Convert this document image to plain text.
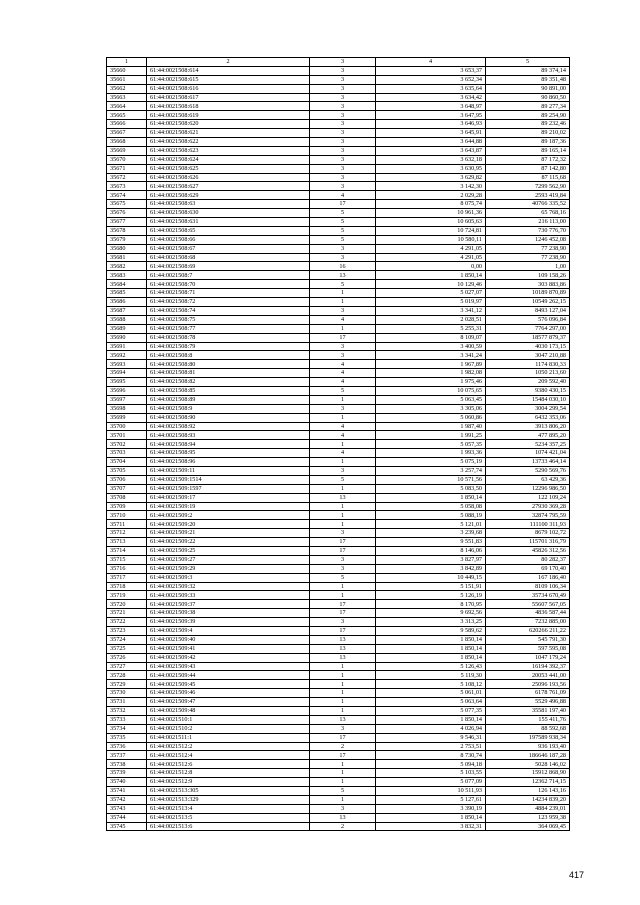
1	2	3	4	5
35660	61:44:0021508:614	3	3 653,37	89 374,14
35661	61:44:0021508:615	3	3 652,34	89 351,48
35662	61:44:0021508:616	3	3 635,64	90 891,00
35663	61:44:0021508:617	3	3 634,42	90 860,50
35664	61:44:0021508:618	3	3 648,97	89 277,34
35665	61:44:0021508:619	3	3 647,95	89 254,90
35666	61:44:0021508:620	3	3 646,93	89 232,46
35667	61:44:0021508:621	3	3 645,91	89 210,02
35668	61:44:0021508:622	3	3 644,88	89 187,36
35669	61:44:0021508:623	3	3 643,87	89 165,14
35670	61:44:0021508:624	3	3 632,18	87 172,32
35671	61:44:0021508:625	3	3 630,95	87 142,80
35672	61:44:0021508:626	3	3 629,82	87 115,68
35673	61:44:0021508:627	3	3 142,30	7299 562,90
35674	61:44:0021508:629	4	2 029,28	2593 419,84
35675	61:44:0021508:63	17	8 075,74	40766 335,52
35676	61:44:0021508:630	5	10 961,36	65 768,16
35677	61:44:0021508:631	5	10 605,63	216 113,00
35678	61:44:0021508:65	5	10 724,81	730 776,70
35679	61:44:0021508:66	5	10 580,11	1246 452,08
35680	61:44:0021508:67	3	4 291,05	77 238,90
35681	61:44:0021508:68	3	4 291,05	77 238,90
35682	61:44:0021508:69	16	0,00	1,00
35683	61:44:0021508:7	13	1 850,14	109 158,26
35684	61:44:0021508:70	5	10 129,46	303 883,86
35685	61:44:0021508:71	1	5 027,07	10189 870,89
35686	61:44:0021508:72	1	5 019,97	10549 262,15
35687	61:44:0021508:74	3	3 341,12	8493 127,04
35688	61:44:0021508:75	4	2 028,51	576 096,84
35689	61:44:0021508:77	1	5 255,31	7764 297,00
35690	61:44:0021508:78	17	8 109,07	18577 879,37
35691	61:44:0021508:79	3	3 400,59	4030 173,15
35692	61:44:0021508:8	3	3 341,24	3047 210,88
35693	61:44:0021508:80	4	1 967,89	1174 830,33
35694	61:44:0021508:81	4	1 982,08	1050 213,60
35695	61:44:0021508:82	4	1 975,46	209 592,40
35696	61:44:0021508:85	5	10 075,65	9380 430,15
35697	61:44:0021508:89	1	5 063,45	15484 030,10
35698	61:44:0021508:9	3	3 305,06	3004 299,54
35699	61:44:0021508:90	1	5 060,86	6432 353,06
35700	61:44:0021508:92	4	1 987,40	3913 806,20
35701	61:44:0021508:93	4	1 991,25	477 895,20
35702	61:44:0021508:94	1	5 057,35	5234 357,25
35703	61:44:0021508:95	4	1 993,36	1074 421,04
35704	61:44:0021508:96	1	5 075,19	13733 464,14
35705	61:44:0021509:11	3	3 257,74	5290 569,76
35706	61:44:0021509:1514	5	10 571,56	63 429,36
35707	61:44:0021509:1597	1	5 083,50	12296 986,50
35708	61:44:0021509:17	13	1 850,14	122 109,24
35709	61:44:0021509:19	1	5 058,08	27930 369,28
35710	61:44:0021509:2	1	5 088,19	32874 795,59
35711	61:44:0021509:20	1	5 121,01	111100 311,93
35712	61:44:0021509:21	3	3 239,68	8679 102,72
35713	61:44:0021509:22	17	9 551,83	115701 316,79
35714	61:44:0021509:25	17	8 146,06	45826 312,56
35715	61:44:0021509:27	3	3 827,97	80 282,37
35716	61:44:0021509:29	3	3 842,89	69 170,40
35717	61:44:0021509:3	5	10 449,15	167 186,40
35718	61:44:0021509:32	1	5 151,91	8109 106,34
35719	61:44:0021509:33	1	5 126,19	35734 670,49
35720	61:44:0021509:37	17	8 170,95	55607 567,05
35721	61:44:0021509:38	17	9 692,56	4836 587,44
35722	61:44:0021509:39	3	3 313,25	7232 885,00
35723	61:44:0021509:4	17	9 589,62	620266 211,22
35724	61:44:0021509:40	13	1 850,14	545 791,30
35725	61:44:0021509:41	13	1 850,14	597 595,08
35726	61:44:0021509:42	13	1 850,14	1047 179,24
35727	61:44:0021509:43	1	5 126,43	16194 392,37
35728	61:44:0021509:44	1	5 119,30	20053 441,00
35729	61:44:0021509:45	1	5 108,12	25096 193,56
35730	61:44:0021509:46	1	5 061,01	6178 761,09
35731	61:44:0021509:47	1	5 063,64	5529 496,88
35732	61:44:0021509:48	1	5 077,35	35581 197,40
35733	61:44:0021510:1	13	1 850,14	155 411,76
35734	61:44:0021510:2	3	4 026,94	88 592,68
35735	61:44:0021511:1	17	9 546,31	197589 938,34
35736	61:44:0021512:2	2	2 753,51	936 193,40
35737	61:44:0021512:4	17	8 730,74	186646 187,28
35738	61:44:0021512:6	1	5 094,18	5028 146,02
35739	61:44:0021512:8	1	5 103,55	15912 868,90
35740	61:44:0021512:9	1	5 077,09	12362 714,15
35741	61:44:0021513:305	5	10 511,93	126 143,16
35742	61:44:0021513:329	1	5 127,61	14234 839,20
35743	61:44:0021513:4	3	3 390,19	4884 239,01
35744	61:44:0021513:5	13	1 850,14	123 959,38
35745	61:44:0021513:6	2	3 832,31	364 069,45
417
